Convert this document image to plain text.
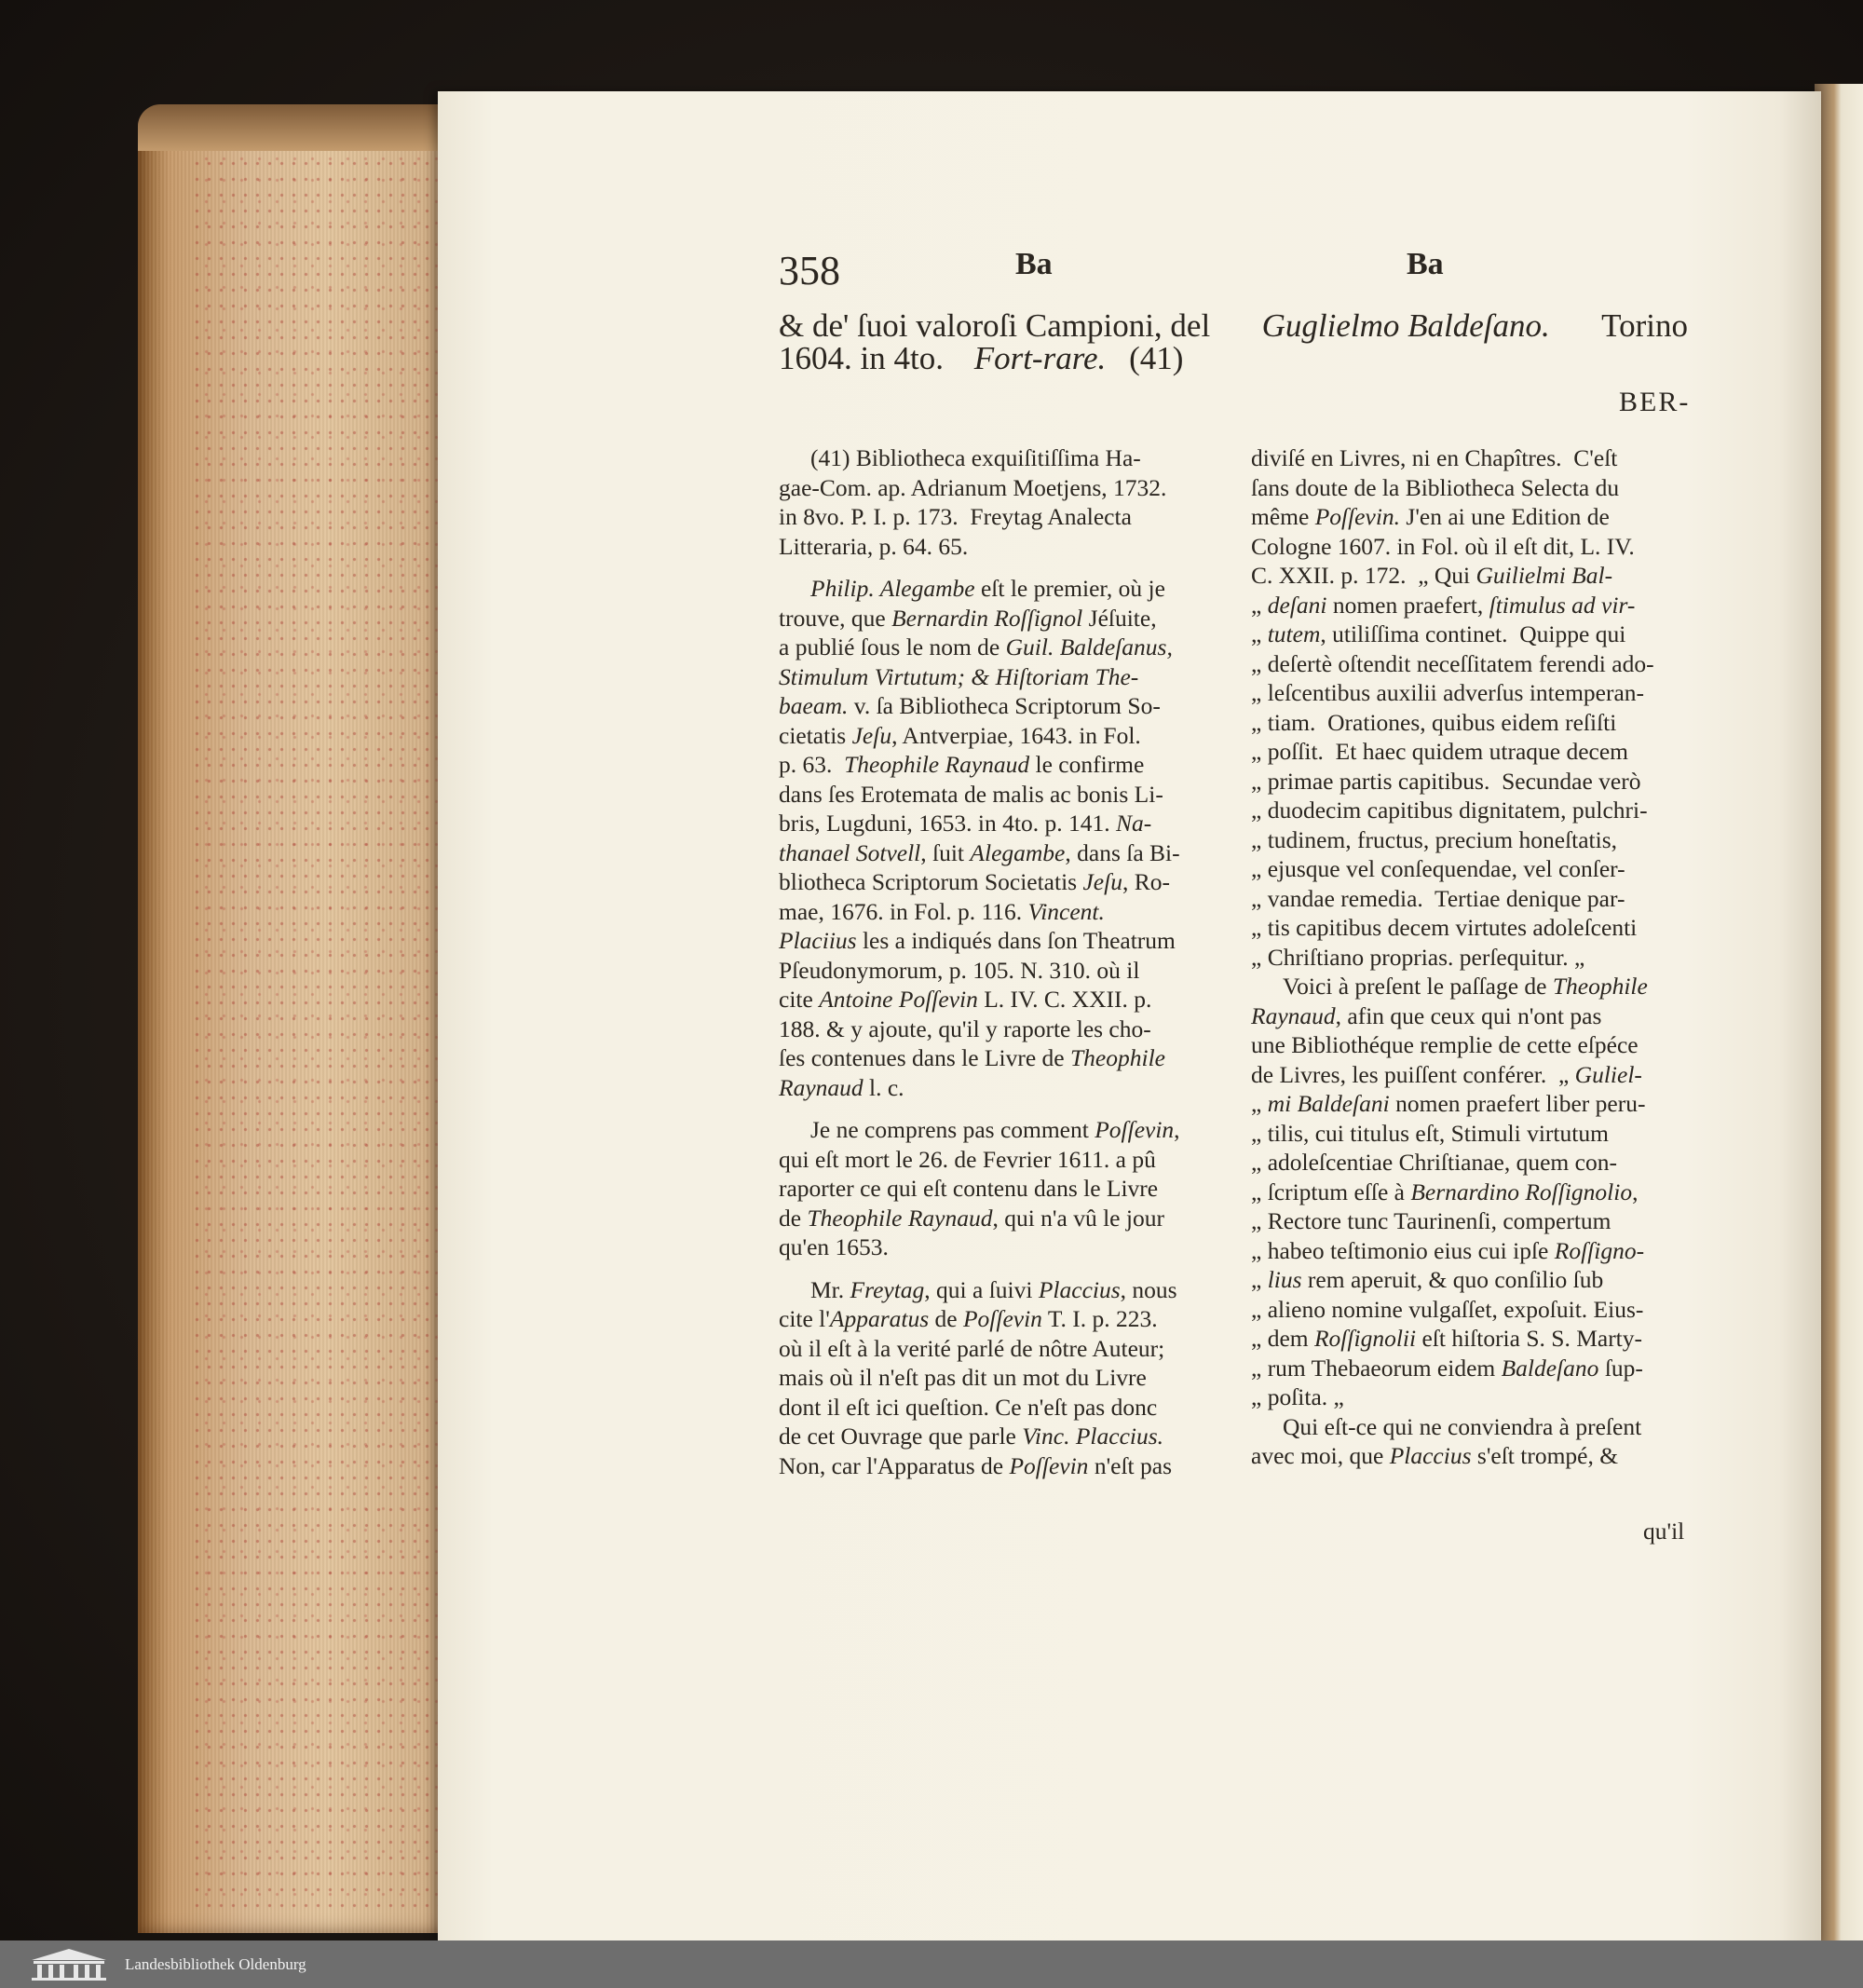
358	Ba	Ba
& de' ſuoi valoroſi Campioni, del Guglielmo Baldeſano. Torino
1604. in 4to. Fort-rare. (41)
BER-
(41) Bibliotheca exquiſitiſſima Ha-
gae-Com. ap. Adrianum Moetjens, 1732.
in 8vo. P. I. p. 173.  Freytag Analecta
Litteraria, p. 64. 65.
Philip. Alegambe eſt le premier, où je
trouve, que Bernardin Roſſignol Jéſuite,
a publié ſous le nom de Guil. Baldeſanus,
Stimulum Virtutum; & Hiſtoriam The-
baeam. v. ſa Bibliotheca Scriptorum So-
cietatis Jeſu , Antverpiae, 1643. in Fol.
p. 63. Theophile Raynaud le confirme
dans ſes Erotemata de malis ac bonis Li-
bris, Lugduni, 1653. in 4to. p. 141. Na-
thanael Sotvell , ſuit Alegambe , dans ſa Bi-
bliotheca Scriptorum Societatis Jeſu , Ro-
mae, 1676. in Fol. p. 116. Vincent.
Placiius les a indiqués dans ſon Theatrum
Pſeudonymorum, p. 105. N. 310. où il
cite Antoine Poſſevin L. IV. C. XXII. p.
188. & y ajoute, qu'il y raporte les cho-
ſes contenues dans le Livre de Theophile
Raynaud l. c.
Je ne comprens pas comment Poſſevin ,
qui eſt mort le 26. de Fevrier 1611. a pû
raporter ce qui eſt contenu dans le Livre
de Theophile Raynaud , qui n'a vû le jour
qu'en 1653.
Mr. Freytag , qui a ſuivi Placcius , nous
cite l' Apparatus de Poſſevin T. I. p. 223.
où il eſt à la verité parlé de nôtre Auteur;
mais où il n'eſt pas dit un mot du Livre
dont il eſt ici queſtion. Ce n'eſt pas donc
de cet Ouvrage que parle Vinc. Placcius.
Non, car l'Apparatus de Poſſevin n'eſt pas
diviſé en Livres, ni en Chapîtres.  C'eſt
ſans doute de la Bibliotheca Selecta du
même Poſſevin. J'en ai une Edition de
Cologne 1607. in Fol. où il eſt dit, L. IV.
C. XXII. p. 172.  „ Qui Guilielmi Bal-
„ deſani nomen praefert, ſtimulus ad vir-
„ tutem , utiliſſima continet.  Quippe qui
„ deſertè oſtendit neceſſitatem ferendi ado-
„ leſcentibus auxilii adverſus intemperan-
„ tiam.  Orationes, quibus eidem reſiſti
„ poſſit.  Et haec quidem utraque decem
„ primae partis capitibus.  Secundae verò
„ duodecim capitibus dignitatem, pulchri-
„ tudinem, fructus, precium honeſtatis,
„ ejusque vel conſequendae, vel conſer-
„ vandae remedia.  Tertiae denique par-
„ tis capitibus decem virtutes adoleſcenti
„ Chriſtiano proprias. perſequitur. „
Voici à preſent le paſſage de Theophile
Raynaud , afin que ceux qui n'ont pas
une Bibliothéque remplie de cette eſpéce
de Livres, les puiſſent conférer.  „ Guliel-
„ mi Baldeſani nomen praefert liber peru-
„ tilis, cui titulus eſt, Stimuli virtutum
„ adoleſcentiae Chriſtianae, quem con-
„ ſcriptum eſſe à Bernardino Roſſignolio ,
„ Rectore tunc Taurinenſi, compertum
„ habeo teſtimonio eius cui ipſe Roſſigno-
„ lius rem aperuit, & quo conſilio ſub
„ alieno nomine vulgaſſet, expoſuit. Eius-
„ dem Roſſignolii eſt hiſtoria S. S. Marty-
„ rum Thebaeorum eidem Baldeſano ſup-
„ poſita. „
Qui eſt-ce qui ne conviendra à preſent
avec moi, que Placcius s'eſt trompé, &
qu'il
Landesbibliothek Oldenburg
